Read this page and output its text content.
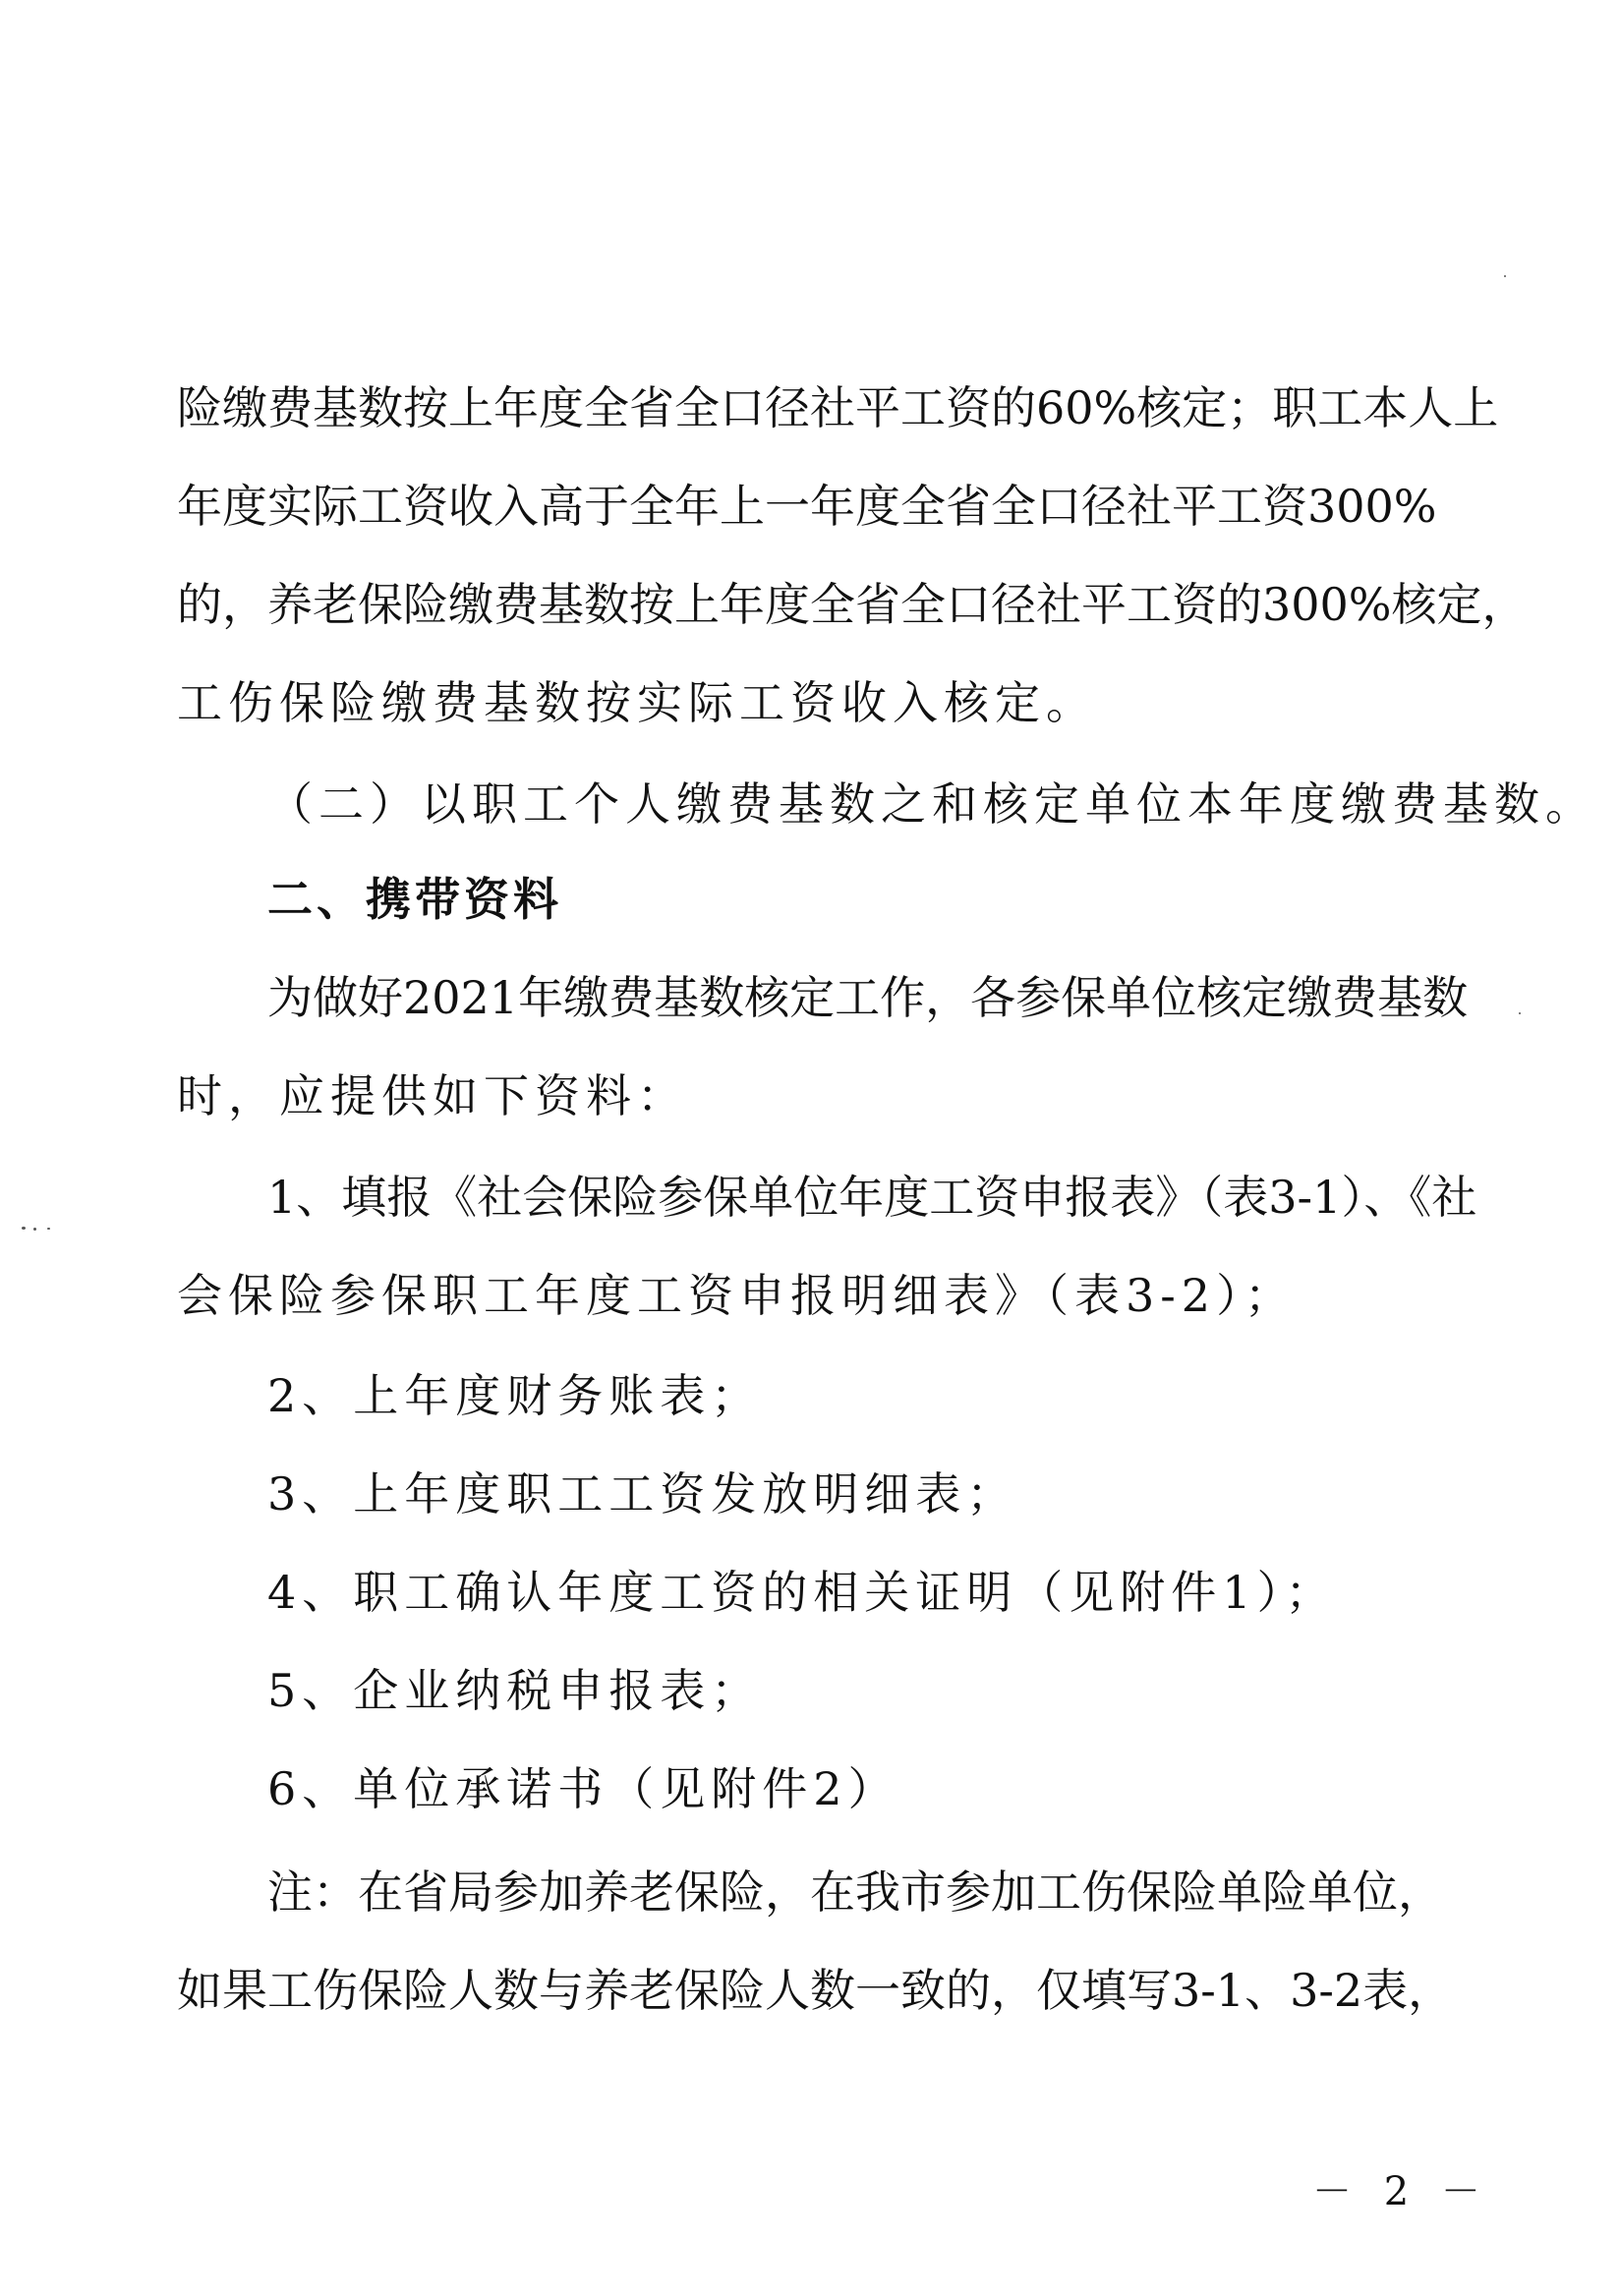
险缴费基数按上年度全省全口径社平工资的60%核定；职工本人上
年度实际工资收入高于全年上一年度全省全口径社平工资300%
的，养老保险缴费基数按上年度全省全口径社平工资的300%核定，
工伤保险缴费基数按实际工资收入核定。
（二）以职工个人缴费基数之和核定单位本年度缴费基数。
二、携带资料
为做好2021年缴费基数核定工作，各参保单位核定缴费基数
时，应提供如下资料：
1、填报《社会保险参保单位年度工资申报表》（表3-1）、《社
会保险参保职工年度工资申报明细表》（表3-2）；
2、上年度财务账表；
3、上年度职工工资发放明细表；
4、职工确认年度工资的相关证明（见附件1）；
5、企业纳税申报表；
6、单位承诺书（见附件2）
注：在省局参加养老保险，在我市参加工伤保险单险单位，
如果工伤保险人数与养老保险人数一致的，仅填写3-1、3-2表，
－ 2 －
